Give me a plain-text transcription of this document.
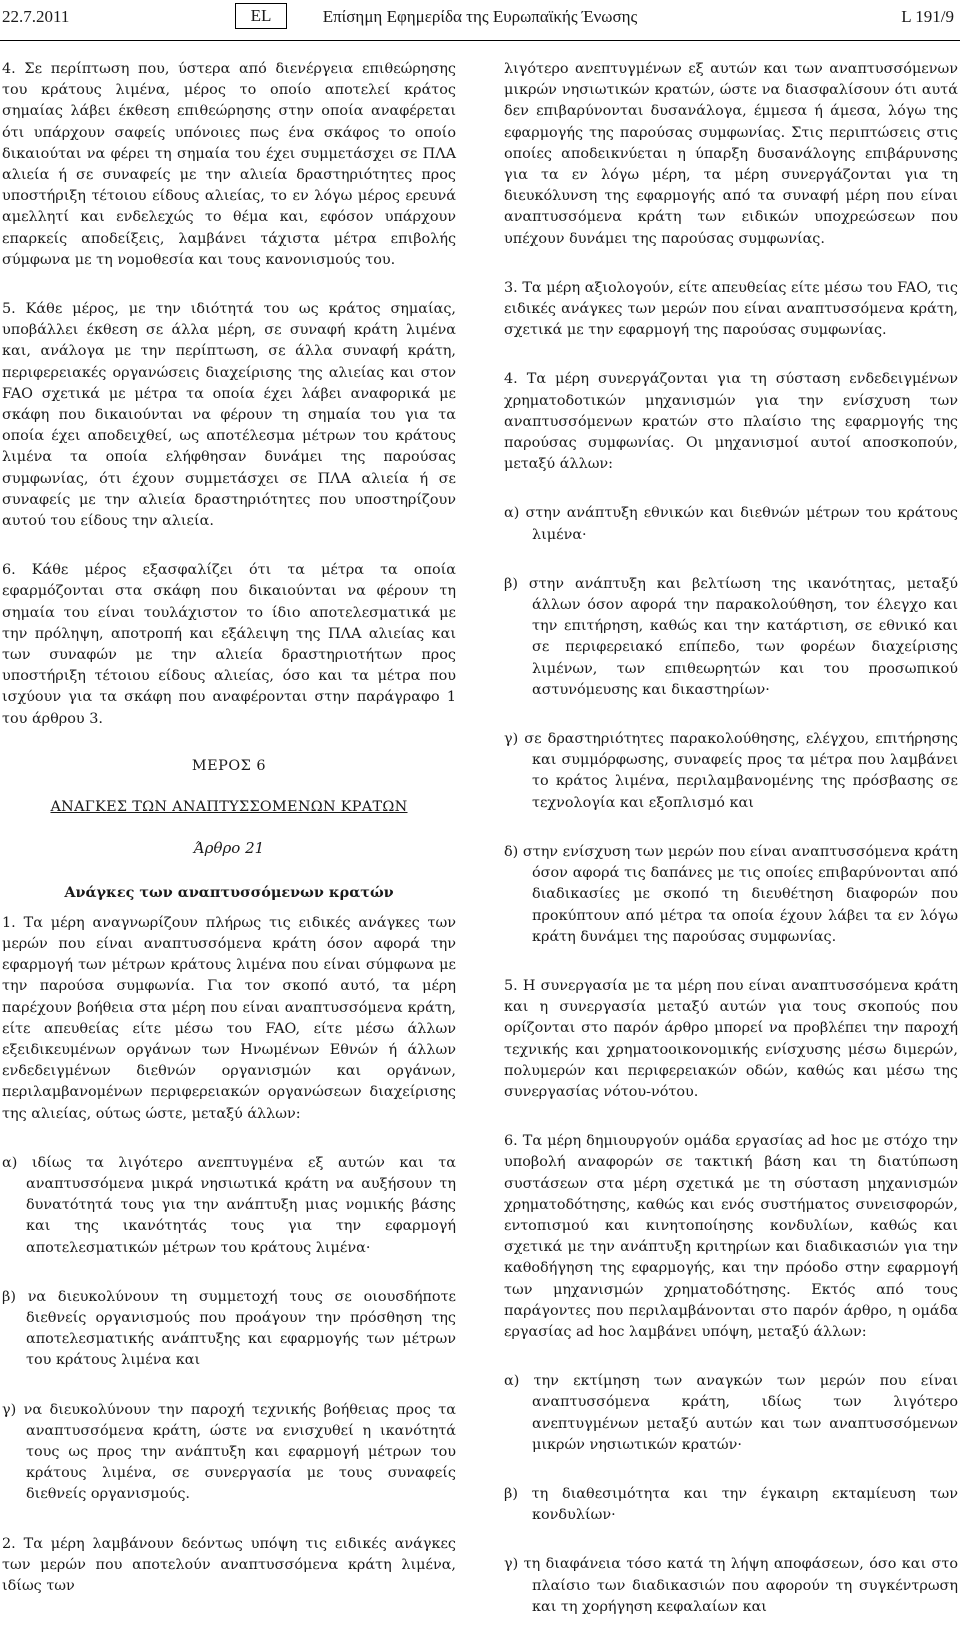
22.7.2011	EL	Επίσημη Εφημερίδα της Ευρωπαϊκής Ένωσης	L 191/9

4. Σε περίπτωση που, ύστερα από διενέργεια επιθεώρησης του κράτους λιμένα, μέρος το οποίο αποτελεί κράτος σημαίας λάβει έκθεση επιθεώρησης στην οποία αναφέρεται ότι υπάρχουν σαφείς υπόνοιες πως ένα σκάφος το οποίο δικαιούται να φέρει τη σημαία του έχει συμμετάσχει σε ΠΛΑ αλιεία ή σε συναφείς με την αλιεία δραστηριότητες προς υποστήριξη τέτοιου είδους αλιείας, το εν λόγω μέρος ερευνά αμελλητί και ενδελεχώς το θέμα και, εφόσον υπάρχουν επαρκείς αποδείξεις, λαμβάνει τάχιστα μέτρα επιβολής σύμφωνα με τη νομοθεσία και τους κανονισμούς του.

5. Κάθε μέρος, με την ιδιότητά του ως κράτος σημαίας, υποβάλλει έκθεση σε άλλα μέρη, σε συναφή κράτη λιμένα και, ανάλογα με την περίπτωση, σε άλλα συναφή κράτη, περιφερειακές οργανώσεις διαχείρισης της αλιείας και στον FAO σχετικά με μέτρα τα οποία έχει λάβει αναφορικά με σκάφη που δικαιούνται να φέρουν τη σημαία του για τα οποία έχει αποδειχθεί, ως αποτέλεσμα μέτρων του κράτους λιμένα τα οποία ελήφθησαν δυνάμει της παρούσας συμφωνίας, ότι έχουν συμμετάσχει σε ΠΛΑ αλιεία ή σε συναφείς με την αλιεία δραστηριότητες που υποστηρίζουν αυτού του είδους την αλιεία.

6. Κάθε μέρος εξασφαλίζει ότι τα μέτρα τα οποία εφαρμόζονται στα σκάφη που δικαιούνται να φέρουν τη σημαία του είναι τουλάχιστον το ίδιο αποτελεσματικά με την πρόληψη, αποτροπή και εξάλειψη της ΠΛΑ αλιείας και των συναφών με την αλιεία δραστηριοτήτων προς υποστήριξη τέτοιου είδους αλιείας, όσο και τα μέτρα που ισχύουν για τα σκάφη που αναφέρονται στην παράγραφο 1 του άρθρου 3.

ΜΕΡΟΣ 6
ΑΝΑΓΚΕΣ ΤΩΝ ΑΝΑΠΤΥΣΣΟΜΕΝΩΝ ΚΡΑΤΩΝ
Άρθρο 21
Ανάγκες των αναπτυσσόμενων κρατών

1. Τα μέρη αναγνωρίζουν πλήρως τις ειδικές ανάγκες των μερών που είναι αναπτυσσόμενα κράτη όσον αφορά την εφαρμογή των μέτρων κράτους λιμένα που είναι σύμφωνα με την παρούσα συμφωνία. Για τον σκοπό αυτό, τα μέρη παρέχουν βοήθεια στα μέρη που είναι αναπτυσσόμενα κράτη, είτε απευθείας είτε μέσω του FAO, είτε μέσω άλλων εξειδικευμένων οργάνων των Ηνωμένων Εθνών ή άλλων ενδεδειγμένων διεθνών οργανισμών και οργάνων, περιλαμβανομένων περιφερειακών οργανώσεων διαχείρισης της αλιείας, ούτως ώστε, μεταξύ άλλων:

α) ιδίως τα λιγότερο ανεπτυγμένα εξ αυτών και τα αναπτυσσόμενα μικρά νησιωτικά κράτη να αυξήσουν τη δυνατότητά τους για την ανάπτυξη μιας νομικής βάσης και της ικανότητάς τους για την εφαρμογή αποτελεσματικών μέτρων του κράτους λιμένα·

β) να διευκολύνουν τη συμμετοχή τους σε οιουσδήποτε διεθνείς οργανισμούς που προάγουν την πρόσθηση της αποτελεσματικής ανάπτυξης και εφαρμογής των μέτρων του κράτους λιμένα και

γ) να διευκολύνουν την παροχή τεχνικής βοήθειας προς τα αναπτυσσόμενα κράτη, ώστε να ενισχυθεί η ικανότητά τους ως προς την ανάπτυξη και εφαρμογή μέτρων του κράτους λιμένα, σε συνεργασία με τους συναφείς διεθνείς οργανισμούς.

2. Τα μέρη λαμβάνουν δεόντως υπόψη τις ειδικές ανάγκες των μερών που αποτελούν αναπτυσσόμενα κράτη λιμένα, ιδίως των

λιγότερο ανεπτυγμένων εξ αυτών και των αναπτυσσόμενων μικρών νησιωτικών κρατών, ώστε να διασφαλίσουν ότι αυτά δεν επιβαρύνονται δυσανάλογα, έμμεσα ή άμεσα, λόγω της εφαρμογής της παρούσας συμφωνίας. Στις περιπτώσεις στις οποίες αποδεικνύεται η ύπαρξη δυσανάλογης επιβάρυνσης για τα εν λόγω μέρη, τα μέρη συνεργάζονται για τη διευκόλυνση της εφαρμογής από τα συναφή μέρη που είναι αναπτυσσόμενα κράτη των ειδικών υποχρεώσεων που υπέχουν δυνάμει της παρούσας συμφωνίας.

3. Τα μέρη αξιολογούν, είτε απευθείας είτε μέσω του FAO, τις ειδικές ανάγκες των μερών που είναι αναπτυσσόμενα κράτη, σχετικά με την εφαρμογή της παρούσας συμφωνίας.

4. Τα μέρη συνεργάζονται για τη σύσταση ενδεδειγμένων χρηματοδοτικών μηχανισμών για την ενίσχυση των αναπτυσσόμενων κρατών στο πλαίσιο της εφαρμογής της παρούσας συμφωνίας. Οι μηχανισμοί αυτοί αποσκοπούν, μεταξύ άλλων:

α) στην ανάπτυξη εθνικών και διεθνών μέτρων του κράτους λιμένα·

β) στην ανάπτυξη και βελτίωση της ικανότητας, μεταξύ άλλων όσον αφορά την παρακολούθηση, τον έλεγχο και την επιτήρηση, καθώς και την κατάρτιση, σε εθνικό και σε περιφερειακό επίπεδο, των φορέων διαχείρισης λιμένων, των επιθεωρητών και του προσωπικού αστυνόμευσης και δικαστηρίων·

γ) σε δραστηριότητες παρακολούθησης, ελέγχου, επιτήρησης και συμμόρφωσης, συναφείς προς τα μέτρα που λαμβάνει το κράτος λιμένα, περιλαμβανομένης της πρόσβασης σε τεχνολογία και εξοπλισμό και

δ) στην ενίσχυση των μερών που είναι αναπτυσσόμενα κράτη όσον αφορά τις δαπάνες με τις οποίες επιβαρύνονται από διαδικασίες με σκοπό τη διευθέτηση διαφορών που προκύπτουν από μέτρα τα οποία έχουν λάβει τα εν λόγω κράτη δυνάμει της παρούσας συμφωνίας.

5. Η συνεργασία με τα μέρη που είναι αναπτυσσόμενα κράτη και η συνεργασία μεταξύ αυτών για τους σκοπούς που ορίζονται στο παρόν άρθρο μπορεί να προβλέπει την παροχή τεχνικής και χρηματοοικονομικής ενίσχυσης μέσω διμερών, πολυμερών και περιφερειακών οδών, καθώς και μέσω της συνεργασίας νότου-νότου.

6. Τα μέρη δημιουργούν ομάδα εργασίας ad hoc με στόχο την υποβολή αναφορών σε τακτική βάση και τη διατύπωση συστάσεων στα μέρη σχετικά με τη σύσταση μηχανισμών χρηματοδότησης, καθώς και ενός συστήματος συνεισφορών, εντοπισμού και κινητοποίησης κονδυλίων, καθώς και σχετικά με την ανάπτυξη κριτηρίων και διαδικασιών για την καθοδήγηση της εφαρμογής, και την πρόοδο στην εφαρμογή των μηχανισμών χρηματοδότησης. Εκτός από τους παράγοντες που περιλαμβάνονται στο παρόν άρθρο, η ομάδα εργασίας ad hoc λαμβάνει υπόψη, μεταξύ άλλων:

α) την εκτίμηση των αναγκών των μερών που είναι αναπτυσσόμενα κράτη, ιδίως των λιγότερο ανεπτυγμένων μεταξύ αυτών και των αναπτυσσόμενων μικρών νησιωτικών κρατών·

β) τη διαθεσιμότητα και την έγκαιρη εκταμίευση των κονδυλίων·

γ) τη διαφάνεια τόσο κατά τη λήψη αποφάσεων, όσο και στο πλαίσιο των διαδικασιών που αφορούν τη συγκέντρωση και τη χορήγηση κεφαλαίων και
